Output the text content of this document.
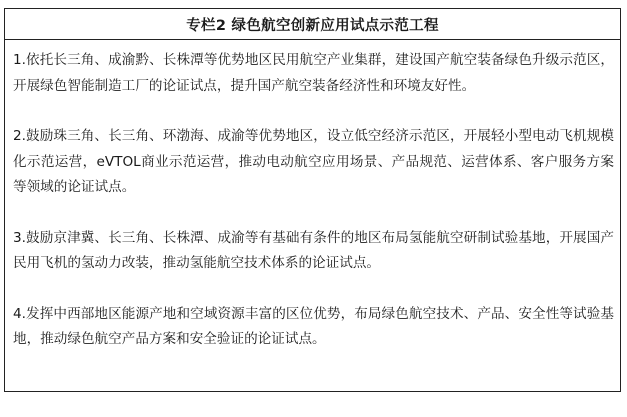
专栏2 绿色航空创新应用试点示范工程

1.依托长三角、成渝黔、长株潭等优势地区民用航空产业集群，建设国产航空装备绿色升级示范区，开展绿色智能制造工厂的论证试点，提升国产航空装备经济性和环境友好性。

2.鼓励珠三角、长三角、环渤海、成渝等优势地区，设立低空经济示范区，开展轻小型电动飞机规模化示范运营，eVTOL商业示范运营，推动电动航空应用场景、产品规范、运营体系、客户服务方案等领域的论证试点。

3.鼓励京津冀、长三角、长株潭、成渝等有基础有条件的地区布局氢能航空研制试验基地，开展国产民用飞机的氢动力改装，推动氢能航空技术体系的论证试点。

4.发挥中西部地区能源产地和空域资源丰富的区位优势，布局绿色航空技术、产品、安全性等试验基地，推动绿色航空产品方案和安全验证的论证试点。
